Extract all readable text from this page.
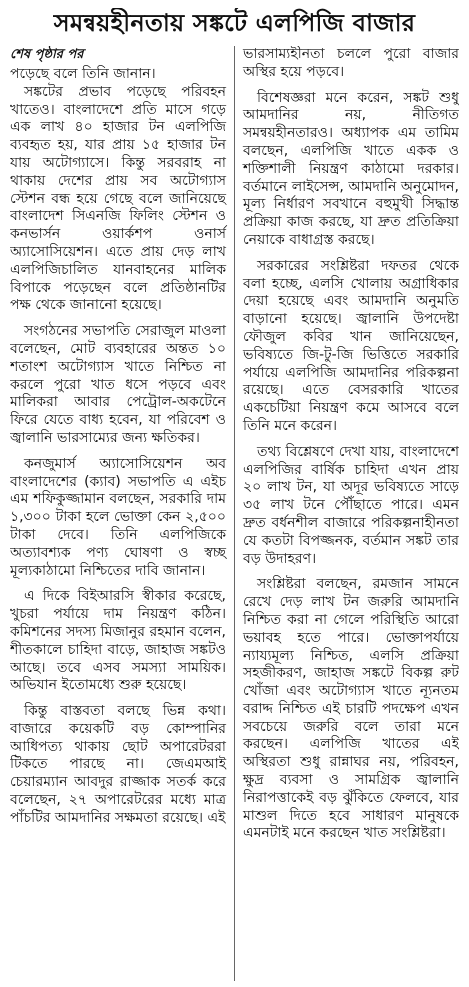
সমন্বয়হীনতায় সঙ্কটে এলপিজি বাজার
শেষ পৃষ্ঠার পর

পড়েছে বলে তিনি জানান।

সঙ্কটের প্রভাব পড়েছে পরিবহন খাতেও। বাংলাদেশে প্রতি মাসে গড়ে এক লাখ ৪০ হাজার টন এলপিজি ব্যবহৃত হয়, যার প্রায় ১৫ হাজার টন যায় অটোগ্যাসে। কিন্তু সরবরাহ না থাকায় দেশের প্রায় সব অটোগ্যাস স্টেশন বন্ধ হয়ে গেছে বলে জানিয়েছে বাংলাদেশ সিএনজি ফিলিং স্টেশন ও কনভার্সন ওয়ার্কশপ ওনার্স অ্যাসোসিয়েশন। এতে প্রায় দেড় লাখ এলপিজিচালিত যানবাহনের মালিক বিপাকে পড়েছেন বলে প্রতিষ্ঠানটির পক্ষ থেকে জানানো হয়েছে।

সংগঠনের সভাপতি সেরাজুল মাওলা বলেছেন, মোট ব্যবহারের অন্তত ১০ শতাংশ অটোগ্যাস খাতে নিশ্চিত না করলে পুরো খাত ধসে পড়বে এবং মালিকরা আবার পেট্রোল-অকটেনে ফিরে যেতে বাধ্য হবেন, যা পরিবেশ ও জ্বালানি ভারসাম্যের জন্য ক্ষতিকর।

কনজুমার্স অ্যাসোসিয়েশন অব বাংলাদেশের (ক্যাব) সভাপতি এ এইচ এম শফিকুজ্জামান বলছেন, সরকারি দাম ১,৩০০ টাকা হলে ভোক্তা কেন ২,৫০০ টাকা দেবে। তিনি এলপিজিকে অত্যাবশ্যক পণ্য ঘোষণা ও স্বচ্ছ মূল্যকাঠামো নিশ্চিতের দাবি জানান।

এ দিকে বিইআরসি স্বীকার করেছে, খুচরা পর্যায়ে দাম নিয়ন্ত্রণ কঠিন। কমিশনের সদস্য মিজানুর রহমান বলেন, শীতকালে চাহিদা বাড়ে, জাহাজ সঙ্কটও আছে। তবে এসব সমস্যা সাময়িক। অভিযান ইতোমধ্যে শুরু হয়েছে।

কিন্তু বাস্তবতা বলছে ভিন্ন কথা। বাজারে কয়েকটি বড় কোম্পানির আধিপত্য থাকায় ছোট অপারেটররা টিকতে পারছে না। জেএমআই চেয়ারম্যান আবদুর রাজ্জাক সতর্ক করে বলেছেন, ২৭ অপারেটরের মধ্যে মাত্র পাঁচটির আমদানির সক্ষমতা রয়েছে। এই

ভারসাম্যহীনতা চললে পুরো বাজার অস্থির হয়ে পড়বে।

বিশেষজ্ঞরা মনে করেন, সঙ্কট শুধু আমদানির নয়, নীতিগত সমন্বয়হীনতারও। অধ্যাপক এম তামিম বলছেন, এলপিজি খাতে একক ও শক্তিশালী নিয়ন্ত্রণ কাঠামো দরকার। বর্তমানে লাইসেন্স, আমদানি অনুমোদন, মূল্য নির্ধারণ সবখানে বহুমুখী সিদ্ধান্ত প্রক্রিয়া কাজ করছে, যা দ্রুত প্রতিক্রিয়া নেয়াকে বাধাগ্রস্ত করছে।

সরকারের সংশ্লিষ্টরা দফতর থেকে বলা হচ্ছে, এলসি খোলায় অগ্রাধিকার দেয়া হয়েছে এবং আমদানি অনুমতি বাড়ানো হয়েছে। জ্বালানি উপদেষ্টা ফৌজুল কবির খান জানিয়েছেন, ভবিষ্যতে জি-টু-জি ভিত্তিতে সরকারি পর্যায়ে এলপিজি আমদানির পরিকল্পনা রয়েছে। এতে বেসরকারি খাতের একচেটিয়া নিয়ন্ত্রণ কমে আসবে বলে তিনি মনে করেন।

তথ্য বিশ্লেষণে দেখা যায়, বাংলাদেশে এলপিজির বার্ষিক চাহিদা এখন প্রায় ২০ লাখ টন, যা অদূর ভবিষ্যতে সাড়ে ৩৫ লাখ টনে পৌঁছাতে পারে। এমন দ্রুত বর্ধনশীল বাজারে পরিকল্পনাহীনতা যে কতটা বিপজ্জনক, বর্তমান সঙ্কট তার বড় উদাহরণ।

সংশ্লিষ্টরা বলছেন, রমজান সামনে রেখে দেড় লাখ টন জরুরি আমদানি নিশ্চিত করা না গেলে পরিস্থিতি আরো ভয়াবহ হতে পারে। ভোক্তাপর্যায়ে ন্যায্যমূল্য নিশ্চিত, এলসি প্রক্রিয়া সহজীকরণ, জাহাজ সঙ্কটে বিকল্প রুট খোঁজা এবং অটোগ্যাস খাতে ন্যূনতম বরাদ্দ নিশ্চিত এই চারটি পদক্ষেপ এখন সবচেয়ে জরুরি বলে তারা মনে করছেন। এলপিজি খাতের এই অস্থিরতা শুধু রান্নাঘর নয়, পরিবহন, ক্ষুদ্র ব্যবসা ও সামগ্রিক জ্বালানি নিরাপত্তাকেই বড় ঝুঁকিতে ফেলবে, যার মাশুল দিতে হবে সাধারণ মানুষকে এমনটাই মনে করছেন খাত সংশ্লিষ্টরা।
